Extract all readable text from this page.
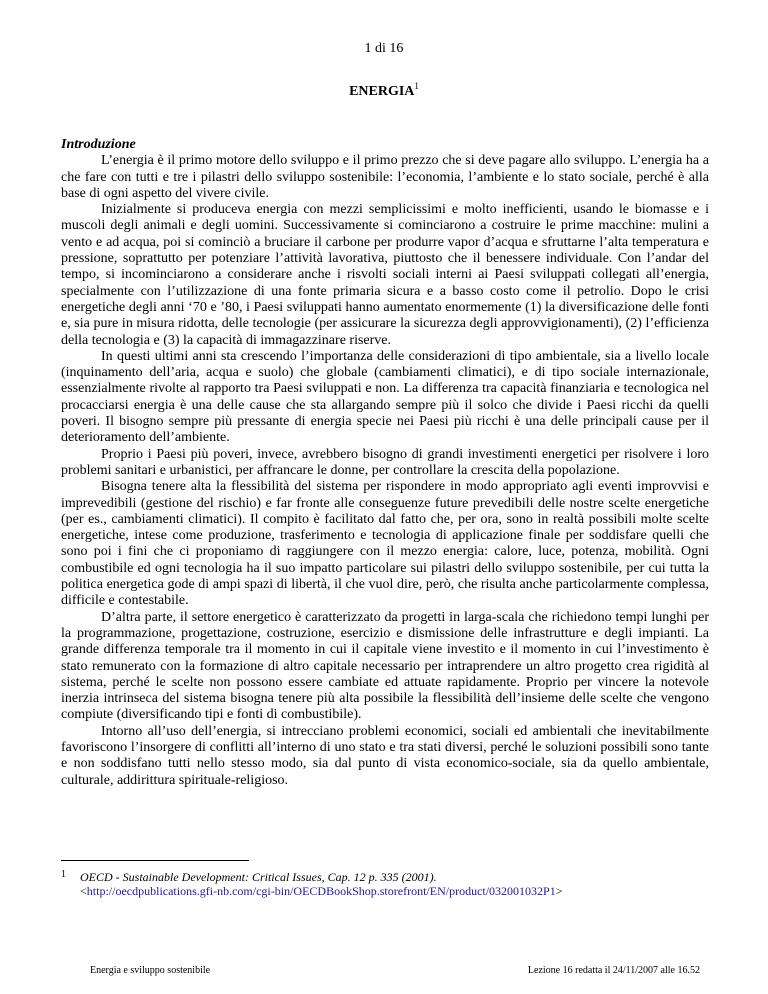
1 di 16
ENERGIA$^1$
Introduzione

L’energia è il primo motore dello sviluppo e il primo prezzo che si deve pagare allo sviluppo. L’energia ha a che fare con tutti e tre i pilastri dello sviluppo sostenibile: l’economia, l’ambiente e lo stato sociale, perché è alla base di ogni aspetto del vivere civile.

Inizialmente si produceva energia con mezzi semplicissimi e molto inefficienti, usando le biomasse e i muscoli degli animali e degli uomini. Successivamente si cominciarono a costruire le prime macchine: mulini a vento e ad acqua, poi si cominciò a bruciare il carbone per produrre vapor d’acqua e sfruttarne l’alta temperatura e pressione, soprattutto per potenziare l’attività lavorativa, piuttosto che il benessere individuale. Con l’andar del tempo, si incominciarono a considerare anche i risvolti sociali interni ai Paesi sviluppati collegati all’energia, specialmente con l’utilizzazione di una fonte primaria sicura e a basso costo come il petrolio. Dopo le crisi energetiche degli anni ‘70 e ’80, i Paesi sviluppati hanno aumentato enormemente (1) la diversificazione delle fonti e, sia pure in misura ridotta, delle tecnologie (per assicurare la sicurezza degli approvvigionamenti), (2) l’efficienza della tecnologia e (3) la capacità di immagazzinare riserve.

In questi ultimi anni sta crescendo l’importanza delle considerazioni di tipo ambientale, sia a livello locale (inquinamento dell’aria, acqua e suolo) che globale (cambiamenti climatici), e di tipo sociale internazionale, essenzialmente rivolte al rapporto tra Paesi sviluppati e non. La differenza tra capacità finanziaria e tecnologica nel procacciarsi energia è una delle cause che sta allargando sempre più il solco che divide i Paesi ricchi da quelli poveri. Il bisogno sempre più pressante di energia specie nei Paesi più ricchi è una delle principali cause per il deterioramento dell’ambiente.

Proprio i Paesi più poveri, invece, avrebbero bisogno di grandi investimenti energetici per risolvere i loro problemi sanitari e urbanistici, per affrancare le donne, per controllare la crescita della popolazione.

Bisogna tenere alta la flessibilità del sistema per rispondere in modo appropriato agli eventi improvvisi e imprevedibili (gestione del rischio) e far fronte alle conseguenze future prevedibili delle nostre scelte energetiche (per es., cambiamenti climatici). Il compito è facilitato dal fatto che, per ora, sono in realtà possibili molte scelte energetiche, intese come produzione, trasferimento e tecnologia di applicazione finale per soddisfare quelli che sono poi i fini che ci proponiamo di raggiungere con il mezzo energia: calore, luce, potenza, mobilità. Ogni combustibile ed ogni tecnologia ha il suo impatto particolare sui pilastri dello sviluppo sostenibile, per cui tutta la politica energetica gode di ampi spazi di libertà, il che vuol dire, però, che risulta anche particolarmente complessa, difficile e contestabile.

D’altra parte, il settore energetico è caratterizzato da progetti in larga-scala che richiedono tempi lunghi per la programmazione, progettazione, costruzione, esercizio e dismissione delle infrastrutture e degli impianti. La grande differenza temporale tra il momento in cui il capitale viene investito e il momento in cui l’investimento è stato remunerato con la formazione di altro capitale necessario per intraprendere un altro progetto crea rigidità al sistema, perché le scelte non possono essere cambiate ed attuate rapidamente. Proprio per vincere la notevole inerzia intrinseca del sistema bisogna tenere più alta possibile la flessibilità dell’insieme delle scelte che vengono compiute (diversificando tipi e fonti di combustibile).

Intorno all’uso dell’energia, si intrecciano problemi economici, sociali ed ambientali che inevitabilmente favoriscono l’insorgere di conflitti all’interno di uno stato e tra stati diversi, perché le soluzioni possibili sono tante e non soddisfano tutti nello stesso modo, sia dal punto di vista economico-sociale, sia da quello ambientale, culturale, addirittura spirituale-religioso.

1 OECD - Sustainable Development: Critical Issues, Cap. 12 p. 335 (2001).
<http://oecdpublications.gfi-nb.com/cgi-bin/OECDBookShop.storefront/EN/product/032001032P1>
Energia e sviluppo sostenibile	Lezione 16 redatta il 24/11/2007 alle 16.52
